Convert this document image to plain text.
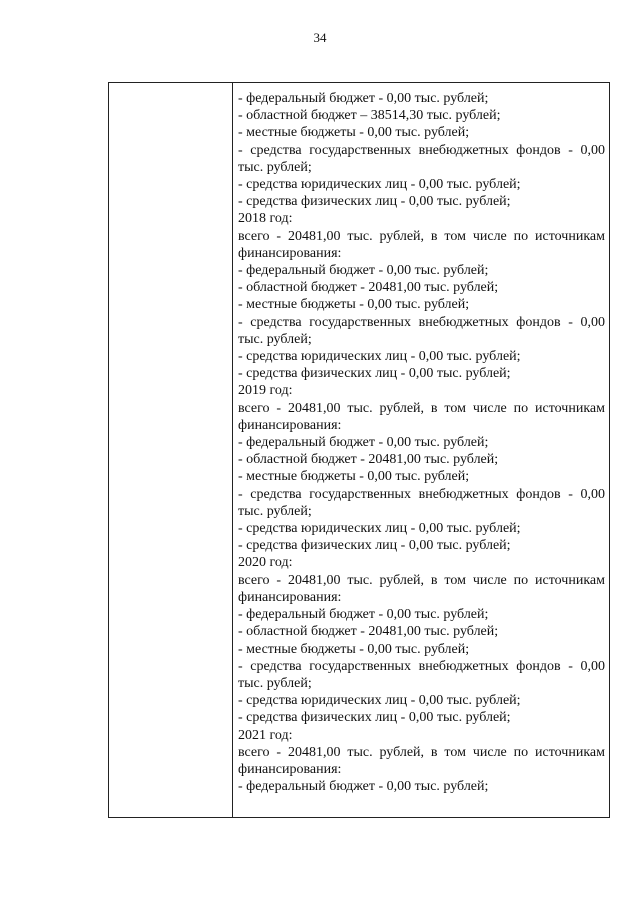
34
- федеральный бюджет - 0,00 тыс. рублей;
- областной бюджет – 38514,30 тыс. рублей;
- местные бюджеты - 0,00 тыс. рублей;
- средства государственных внебюджетных фондов - 0,00
тыс. рублей;
- средства юридических лиц - 0,00 тыс. рублей;
- средства физических лиц - 0,00 тыс. рублей;
2018 год:
всего - 20481,00 тыс. рублей, в том числе по источникам
финансирования:
- федеральный бюджет - 0,00 тыс. рублей;
- областной бюджет - 20481,00 тыс. рублей;
- местные бюджеты - 0,00 тыс. рублей;
- средства государственных внебюджетных фондов - 0,00
тыс. рублей;
- средства юридических лиц - 0,00 тыс. рублей;
- средства физических лиц - 0,00 тыс. рублей;
2019 год:
всего - 20481,00 тыс. рублей, в том числе по источникам
финансирования:
- федеральный бюджет - 0,00 тыс. рублей;
- областной бюджет - 20481,00 тыс. рублей;
- местные бюджеты - 0,00 тыс. рублей;
- средства государственных внебюджетных фондов - 0,00
тыс. рублей;
- средства юридических лиц - 0,00 тыс. рублей;
- средства физических лиц - 0,00 тыс. рублей;
2020 год:
всего - 20481,00 тыс. рублей, в том числе по источникам
финансирования:
- федеральный бюджет - 0,00 тыс. рублей;
- областной бюджет - 20481,00 тыс. рублей;
- местные бюджеты - 0,00 тыс. рублей;
- средства государственных внебюджетных фондов - 0,00
тыс. рублей;
- средства юридических лиц - 0,00 тыс. рублей;
- средства физических лиц - 0,00 тыс. рублей;
2021 год:
всего - 20481,00 тыс. рублей, в том числе по источникам
финансирования:
- федеральный бюджет - 0,00 тыс. рублей;
